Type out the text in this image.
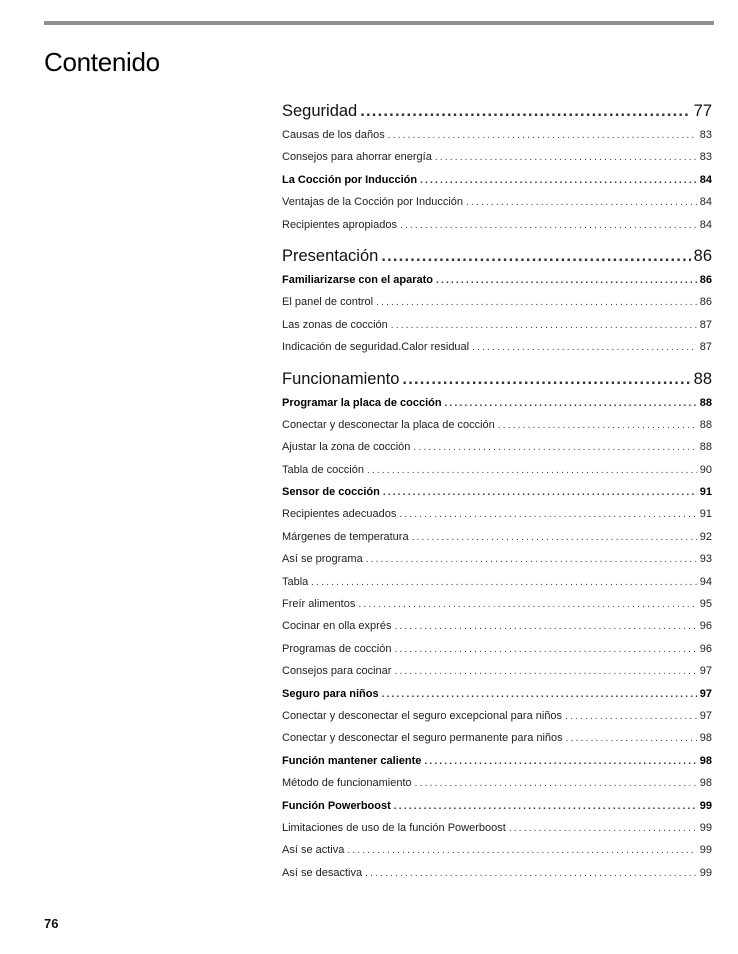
Contenido
Seguridad .....	77
Causas de los daños .....	83
Consejos para ahorrar energía .....	83
La Cocción por Inducción .....	84
Ventajas de la Cocción por Inducción .....	84
Recipientes apropiados .....	84
Presentación .....	86
Familiarizarse con el aparato .....	86
El panel de control .....	86
Las zonas de cocción .....	87
Indicación de seguridad.Calor residual .....	87
Funcionamiento .....	88
Programar la placa de cocción .....	88
Conectar y desconectar la placa de cocción .....	88
Ajustar la zona de cocción .....	88
Tabla de cocción .....	90
Sensor de cocción .....	91
Recipientes adecuados .....	91
Márgenes de temperatura .....	92
Así se programa .....	93
Tabla .....	94
Freír alimentos .....	95
Cocinar en olla exprés .....	96
Programas de cocción .....	96
Consejos para cocinar .....	97
Seguro para niños .....	97
Conectar y desconectar el seguro excepcional para niños .....	97
Conectar y desconectar el seguro permanente para niños .....	98
Función mantener caliente .....	98
Método de funcionamiento .....	98
Función Powerboost .....	99
Limitaciones de uso de la función Powerboost .....	99
Así se activa .....	99
Así se desactiva .....	99
76
